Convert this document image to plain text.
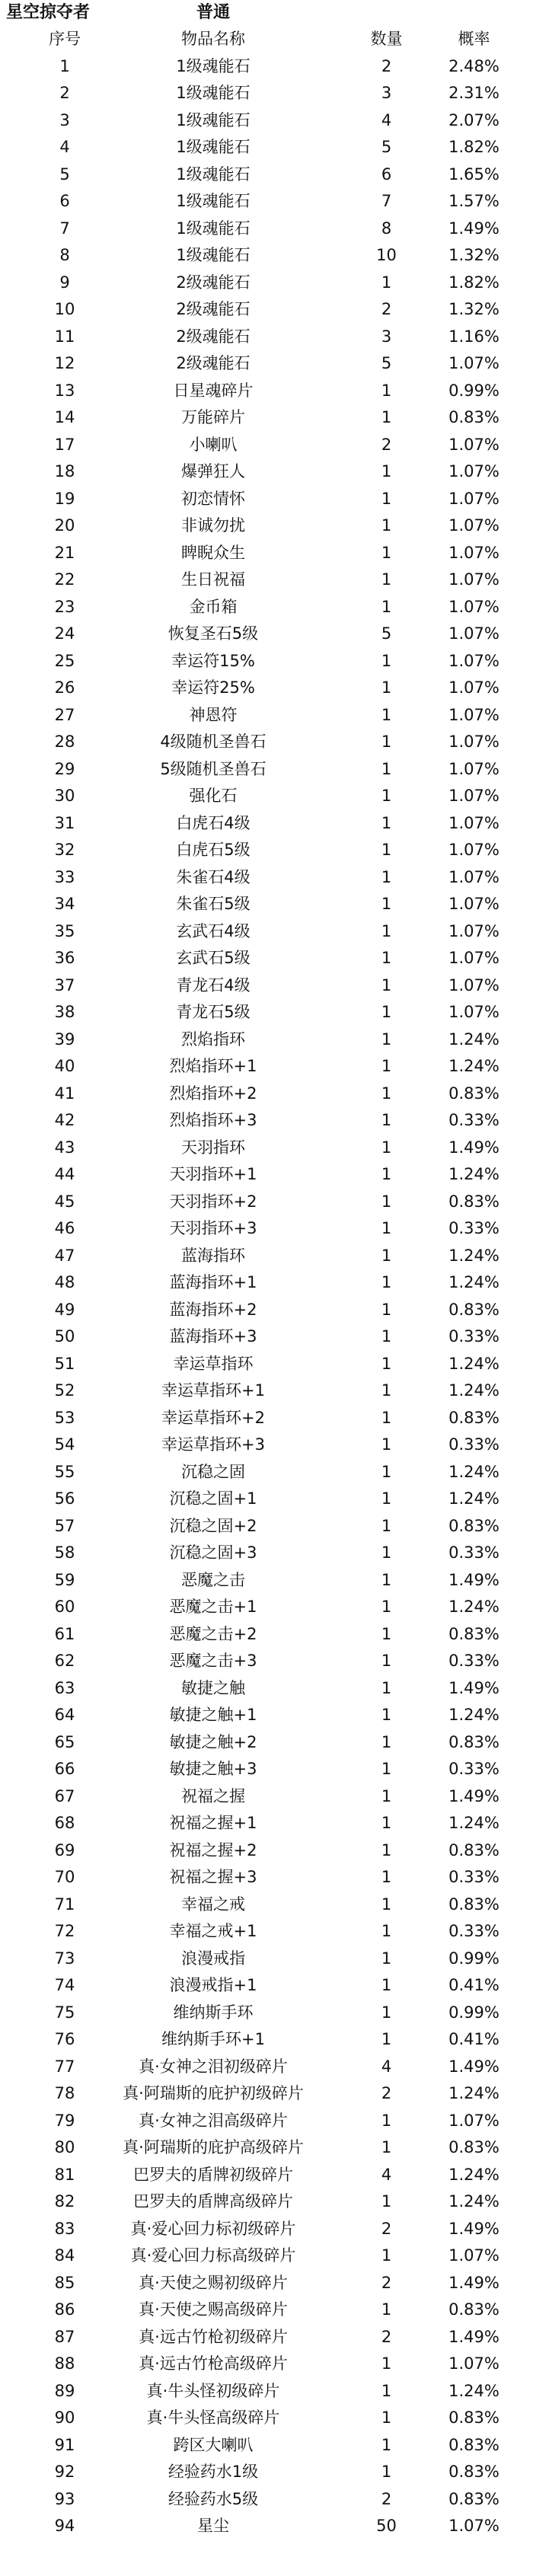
星空掠夺者	普通
序号	物品名称	数量	概率
1	1级魂能石	2	2.48%
2	1级魂能石	3	2.31%
3	1级魂能石	4	2.07%
4	1级魂能石	5	1.82%
5	1级魂能石	6	1.65%
6	1级魂能石	7	1.57%
7	1级魂能石	8	1.49%
8	1级魂能石	10	1.32%
9	2级魂能石	1	1.82%
10	2级魂能石	2	1.32%
11	2级魂能石	3	1.16%
12	2级魂能石	5	1.07%
13	日星魂碎片	1	0.99%
14	万能碎片	1	0.83%
17	小喇叭	2	1.07%
18	爆弹狂人	1	1.07%
19	初恋情怀	1	1.07%
20	非诚勿扰	1	1.07%
21	睥睨众生	1	1.07%
22	生日祝福	1	1.07%
23	金币箱	1	1.07%
24	恢复圣石5级	5	1.07%
25	幸运符15%	1	1.07%
26	幸运符25%	1	1.07%
27	神恩符	1	1.07%
28	4级随机圣兽石	1	1.07%
29	5级随机圣兽石	1	1.07%
30	强化石	1	1.07%
31	白虎石4级	1	1.07%
32	白虎石5级	1	1.07%
33	朱雀石4级	1	1.07%
34	朱雀石5级	1	1.07%
35	玄武石4级	1	1.07%
36	玄武石5级	1	1.07%
37	青龙石4级	1	1.07%
38	青龙石5级	1	1.07%
39	烈焰指环	1	1.24%
40	烈焰指环+1	1	1.24%
41	烈焰指环+2	1	0.83%
42	烈焰指环+3	1	0.33%
43	天羽指环	1	1.49%
44	天羽指环+1	1	1.24%
45	天羽指环+2	1	0.83%
46	天羽指环+3	1	0.33%
47	蓝海指环	1	1.24%
48	蓝海指环+1	1	1.24%
49	蓝海指环+2	1	0.83%
50	蓝海指环+3	1	0.33%
51	幸运草指环	1	1.24%
52	幸运草指环+1	1	1.24%
53	幸运草指环+2	1	0.83%
54	幸运草指环+3	1	0.33%
55	沉稳之固	1	1.24%
56	沉稳之固+1	1	1.24%
57	沉稳之固+2	1	0.83%
58	沉稳之固+3	1	0.33%
59	恶魔之击	1	1.49%
60	恶魔之击+1	1	1.24%
61	恶魔之击+2	1	0.83%
62	恶魔之击+3	1	0.33%
63	敏捷之触	1	1.49%
64	敏捷之触+1	1	1.24%
65	敏捷之触+2	1	0.83%
66	敏捷之触+3	1	0.33%
67	祝福之握	1	1.49%
68	祝福之握+1	1	1.24%
69	祝福之握+2	1	0.83%
70	祝福之握+3	1	0.33%
71	幸福之戒	1	0.83%
72	幸福之戒+1	1	0.33%
73	浪漫戒指	1	0.99%
74	浪漫戒指+1	1	0.41%
75	维纳斯手环	1	0.99%
76	维纳斯手环+1	1	0.41%
77	真·女神之泪初级碎片	4	1.49%
78	真·阿瑞斯的庇护初级碎片	2	1.24%
79	真·女神之泪高级碎片	1	1.07%
80	真·阿瑞斯的庇护高级碎片	1	0.83%
81	巴罗夫的盾牌初级碎片	4	1.24%
82	巴罗夫的盾牌高级碎片	1	1.24%
83	真·爱心回力标初级碎片	2	1.49%
84	真·爱心回力标高级碎片	1	1.07%
85	真·天使之赐初级碎片	2	1.49%
86	真·天使之赐高级碎片	1	0.83%
87	真·远古竹枪初级碎片	2	1.49%
88	真·远古竹枪高级碎片	1	1.07%
89	真·牛头怪初级碎片	1	1.24%
90	真·牛头怪高级碎片	1	0.83%
91	跨区大喇叭	1	0.83%
92	经验药水1级	1	0.83%
93	经验药水5级	2	0.83%
94	星尘	50	1.07%
